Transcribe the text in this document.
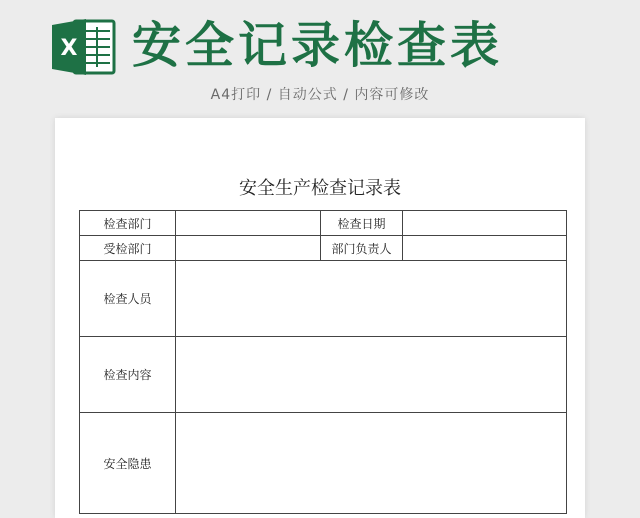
X 安全记录检查表
A4打印 / 自动公式 / 内容可修改
安全生产检查记录表
检查部门		检查日期	
受检部门		部门负责人	
检查人员			
检查内容			
安全隐患			
